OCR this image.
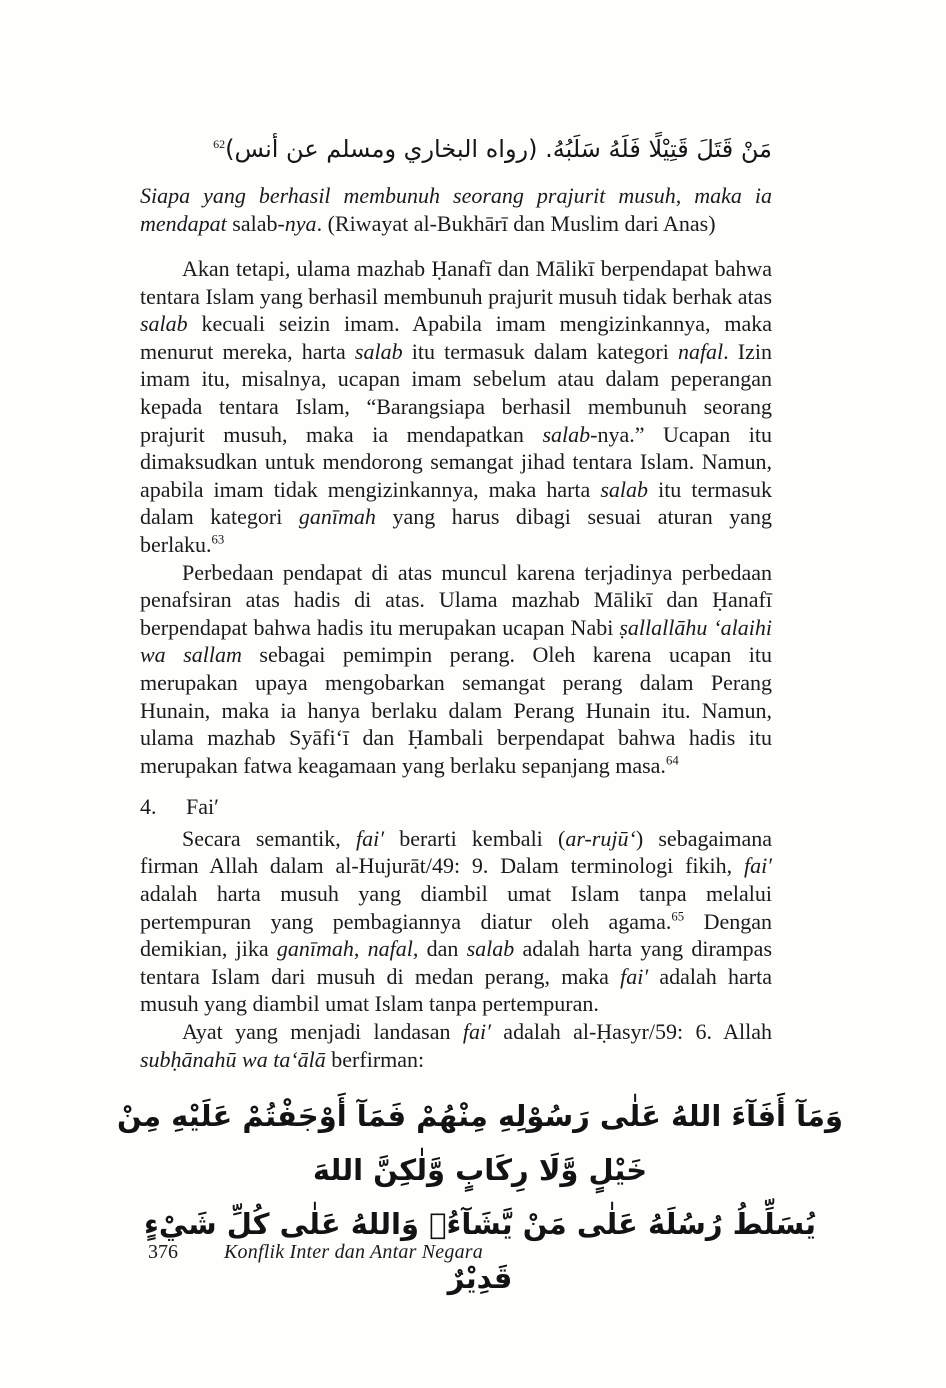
مَنْ قَتَلَ قَتِيْلًا فَلَهُ سَلَبُهُ. (رواه البخاري ومسلم عن أنس)$^{62}$
Siapa yang berhasil membunuh seorang prajurit musuh, maka ia mendapat salab-nya. (Riwayat al-Bukhārī dan Muslim dari Anas)
Akan tetapi, ulama mazhab Ḥanafī dan Mālikī berpendapat bahwa tentara Islam yang berhasil membunuh prajurit musuh tidak berhak atas salab kecuali seizin imam. Apabila imam mengizinkannya, maka menurut mereka, harta salab itu termasuk dalam kategori nafal. Izin imam itu, misalnya, ucapan imam sebelum atau dalam peperangan kepada tentara Islam, “Barangsiapa berhasil membunuh seorang prajurit musuh, maka ia mendapatkan salab-nya.” Ucapan itu dimaksudkan untuk mendorong semangat jihad tentara Islam. Namun, apabila imam tidak mengizinkannya, maka harta salab itu termasuk dalam kategori ganīmah yang harus dibagi sesuai aturan yang berlaku.$^{63}$
Perbedaan pendapat di atas muncul karena terjadinya perbedaan penafsiran atas hadis di atas. Ulama mazhab Mālikī dan Ḥanafī berpendapat bahwa hadis itu merupakan ucapan Nabi ṣallallāhu ‘alaihi wa sallam sebagai pemimpin perang. Oleh karena ucapan itu merupakan upaya mengobarkan semangat perang dalam Perang Hunain, maka ia hanya berlaku dalam Perang Hunain itu. Namun, ulama mazhab Syāfi‘ī dan Ḥambali berpendapat bahwa hadis itu merupakan fatwa keagamaan yang berlaku sepanjang masa.$^{64}$
4. Fai′
Secara semantik, fai′ berarti kembali (ar-rujū‘) sebagaimana firman Allah dalam al-Hujurāt/49: 9. Dalam terminologi fikih, fai′ adalah harta musuh yang diambil umat Islam tanpa melalui pertempuran yang pembagiannya diatur oleh agama.$^{65}$ Dengan demikian, jika ganīmah, nafal, dan salab adalah harta yang dirampas tentara Islam dari musuh di medan perang, maka fai′ adalah harta musuh yang diambil umat Islam tanpa pertempuran.
Ayat yang menjadi landasan fai′ adalah al-Ḥasyr/59: 6. Allah subḥānahū wa ta‘ālā berfirman:
وَمَآ أَفَآءَ اللهُ عَلٰى رَسُوْلِهِ مِنْهُمْ فَمَآ أَوْجَفْتُمْ عَلَيْهِ مِنْ خَيْلٍ وَّلَا رِكَابٍ وَّلٰكِنَّ اللهَ
يُسَلِّطُ رُسُلَهُ عَلٰى مَنْ يَّشَآءُۗ وَاللهُ عَلٰى كُلِّ شَيْءٍ قَدِيْرٌ
376 Konflik Inter dan Antar Negara
